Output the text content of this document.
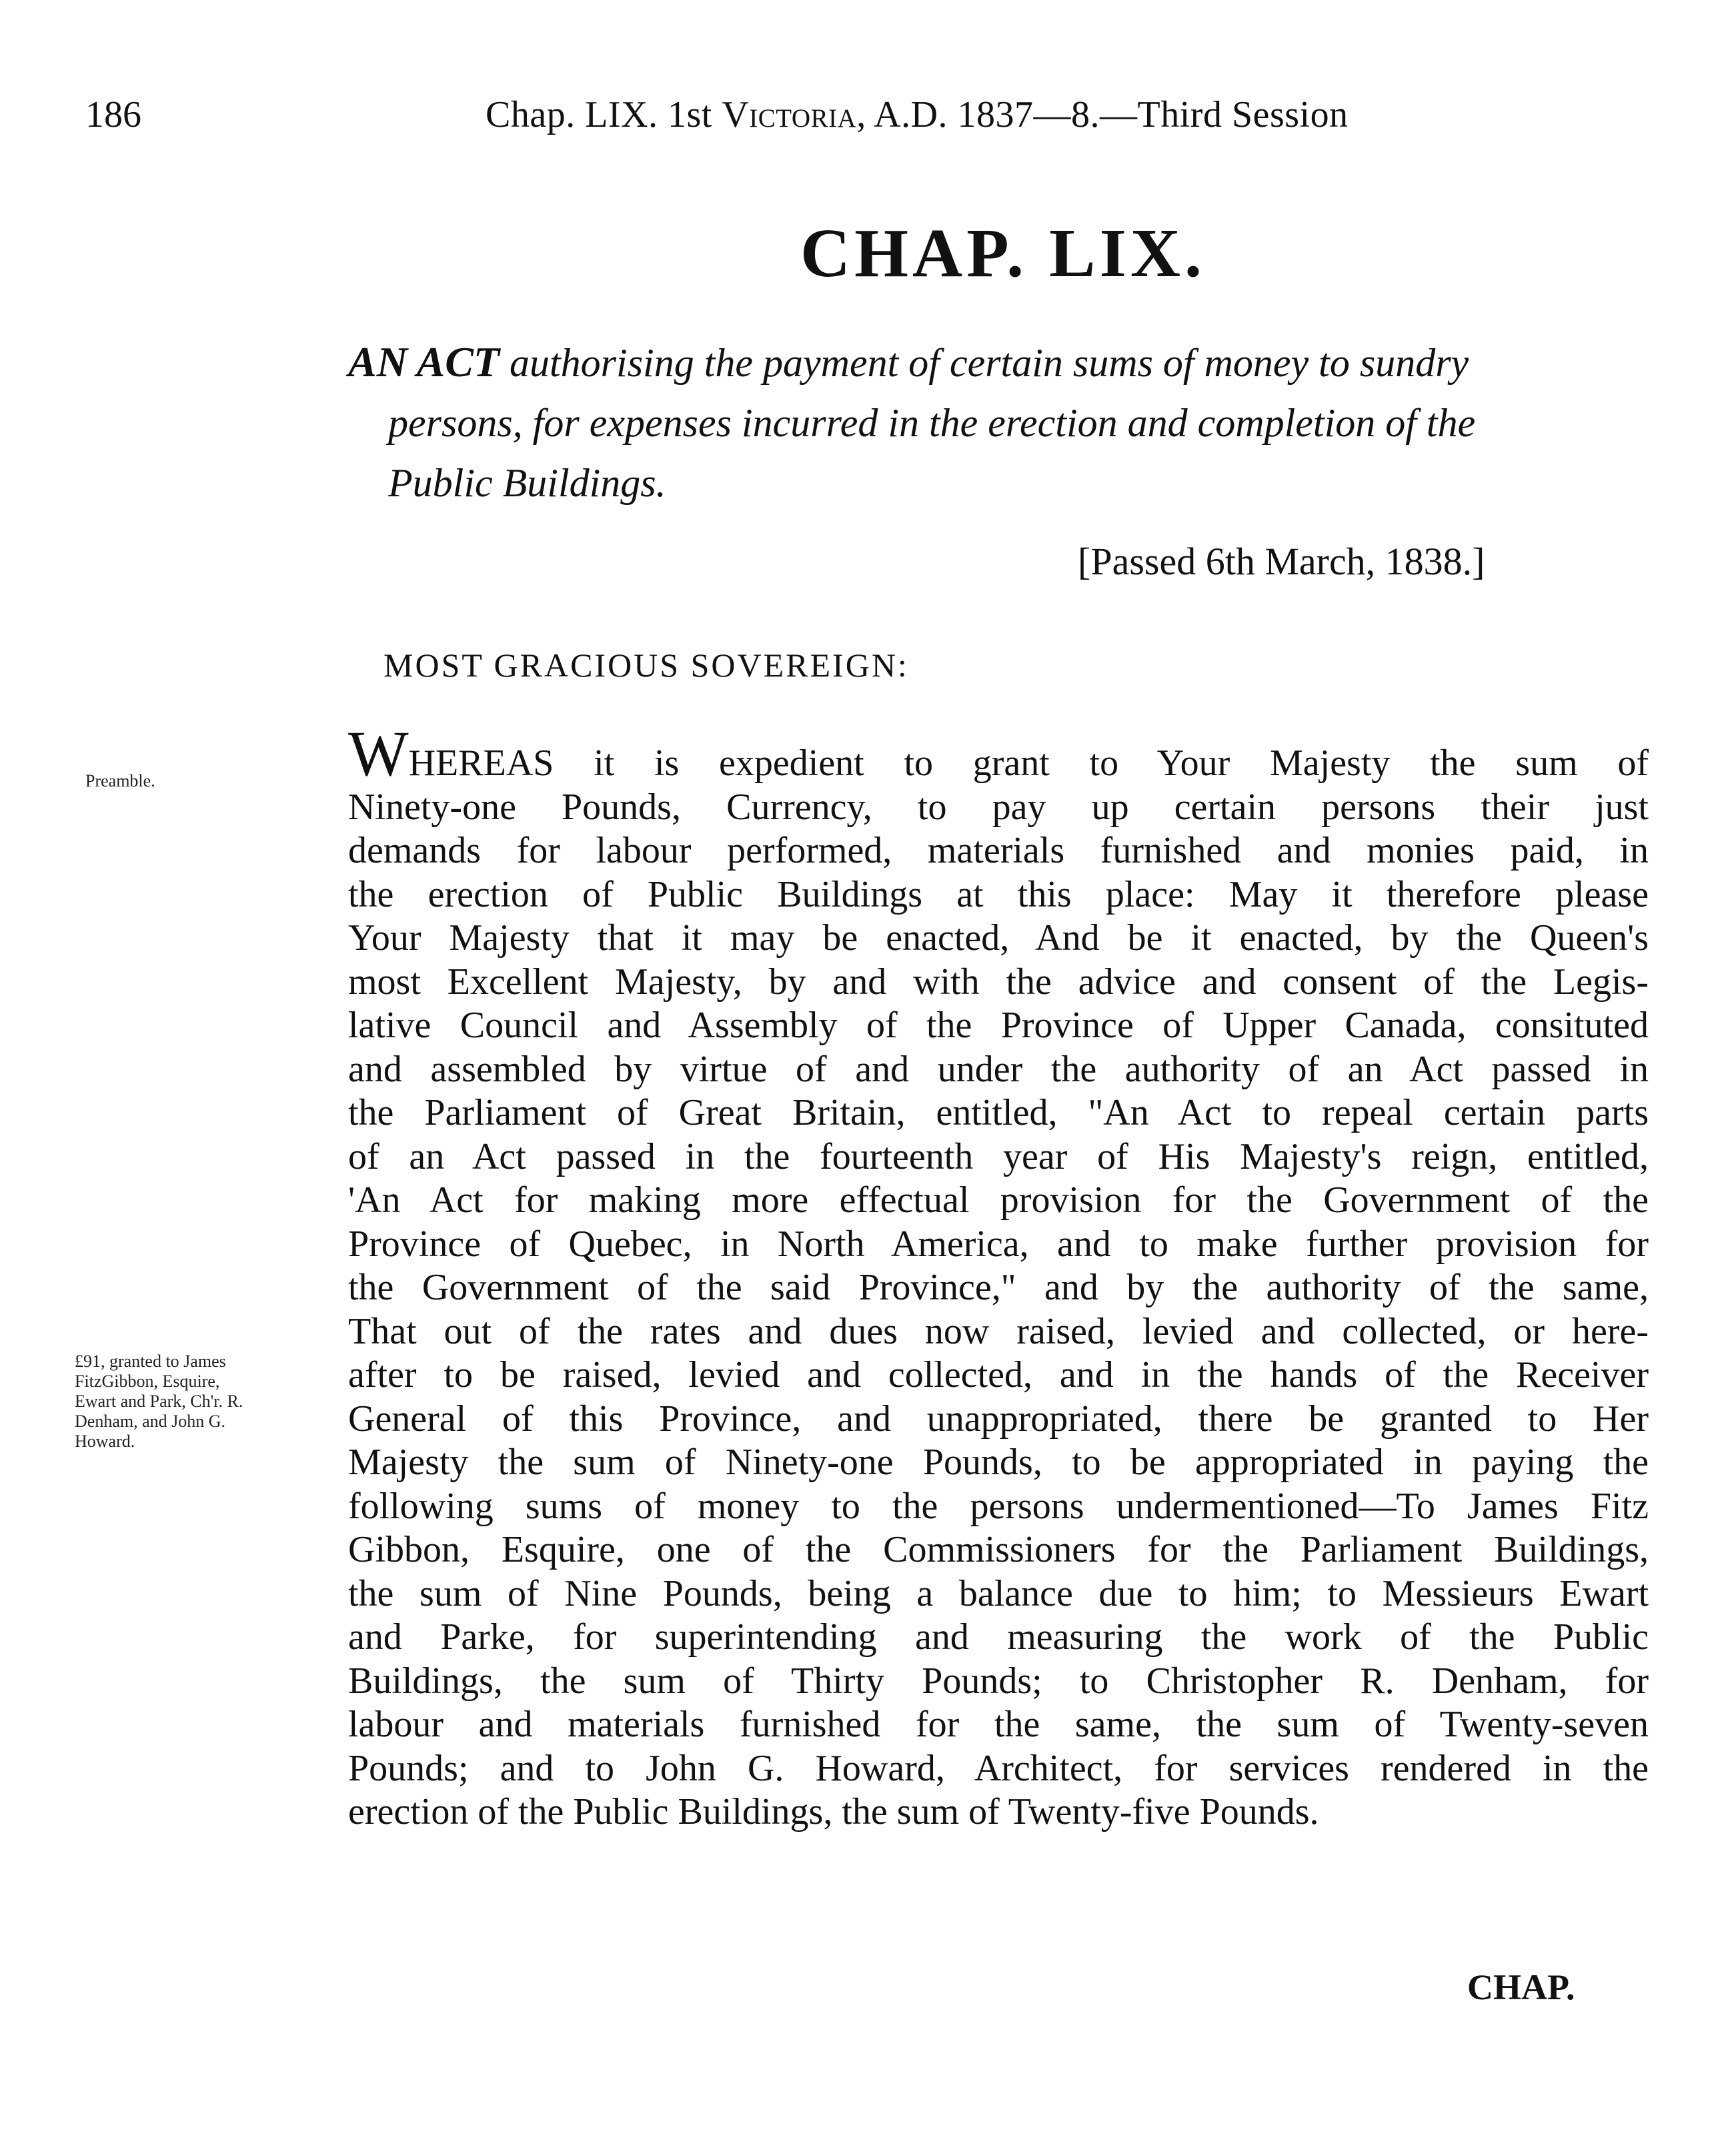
186	Chap. LIX. 1st Victoria, A.D. 1837—8.—Third Session
CHAP. LIX.
AN ACT authorising the payment of certain sums of money to sundry
persons, for expenses incurred in the erection and completion of the
Public Buildings.
[Passed 6th March, 1838.]
MOST GRACIOUS SOVEREIGN:
Preamble.
£91, granted to James
FitzGibbon, Esquire,
Ewart and Park, Ch'r. R.
Denham, and John G.
Howard.
WHEREAS it is expedient to grant to Your Majesty the sum of
Ninety-one Pounds, Currency, to pay up certain persons their just
demands for labour performed, materials furnished and monies paid, in
the erection of Public Buildings at this place: May it therefore please
Your Majesty that it may be enacted, And be it enacted, by the Queen's
most Excellent Majesty, by and with the advice and consent of the Legis-
lative Council and Assembly of the Province of Upper Canada, consituted
and assembled by virtue of and under the authority of an Act passed in
the Parliament of Great Britain, entitled, "An Act to repeal certain parts
of an Act passed in the fourteenth year of His Majesty's reign, entitled,
'An Act for making more effectual provision for the Government of the
Province of Quebec, in North America, and to make further provision for
the Government of the said Province," and by the authority of the same,
That out of the rates and dues now raised, levied and collected, or here-
after to be raised, levied and collected, and in the hands of the Receiver
General of this Province, and unappropriated, there be granted to Her
Majesty the sum of Ninety-one Pounds, to be appropriated in paying the
following sums of money to the persons undermentioned—To James Fitz
Gibbon, Esquire, one of the Commissioners for the Parliament Buildings,
the sum of Nine Pounds, being a balance due to him; to Messieurs Ewart
and Parke, for superintending and measuring the work of the Public
Buildings, the sum of Thirty Pounds; to Christopher R. Denham, for
labour and materials furnished for the same, the sum of Twenty-seven
Pounds; and to John G. Howard, Architect, for services rendered in the
erection of the Public Buildings, the sum of Twenty-five Pounds.
CHAP.
